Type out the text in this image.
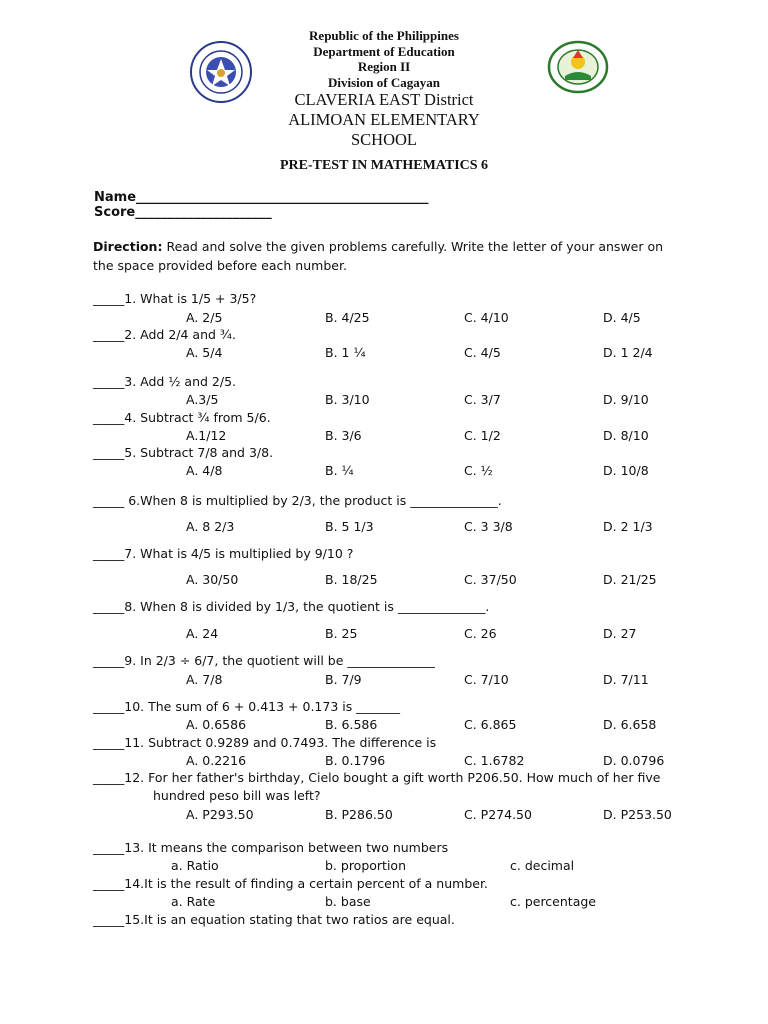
Republic of the Philippines
Department of Education
Region II
Division of Cagayan
CLAVERIA EAST District
ALIMOAN ELEMENTARY
SCHOOL
PRE-TEST IN MATHEMATICS 6
Name_____________________________________________
Score_____________________
Direction: Read and solve the given problems carefully. Write the letter of your answer on the space provided before each number.
_____1. What is 1/5 + 3/5?
A. 2/5	B. 4/25	C. 4/10	D. 4/5
_____2. Add 2/4 and ¾.
A. 5/4	B. 1 ¼	C. 4/5	D. 1 2/4
_____3. Add ½ and 2/5.
A.3/5	B. 3/10	C. 3/7	D. 9/10
_____4. Subtract ¾ from 5/6.
A.1/12	B. 3/6	C. 1/2	D. 8/10
_____5. Subtract 7/8 and 3/8.
A. 4/8	B. ¼	C. ½	D. 10/8
_____ 6.When 8 is multiplied by 2/3, the product is ______________.
A. 8 2/3	B. 5 1/3	C. 3 3/8	D. 2 1/3
_____7. What is 4/5 is multiplied by 9/10 ?
A. 30/50	B. 18/25	C. 37/50	D. 21/25
_____8. When 8 is divided by 1/3, the quotient is ______________.
A. 24	B. 25	C. 26	D. 27
_____9. In 2/3 ÷ 6/7, the quotient will be ______________
A. 7/8	B. 7/9	C. 7/10	D. 7/11
_____10. The sum of 6 + 0.413 + 0.173 is _______
A. 0.6586	B. 6.586	C. 6.865	D. 6.658
_____11. Subtract 0.9289 and 0.7493. The difference is
A. 0.2216	B. 0.1796	C. 1.6782	D. 0.0796
_____12. For her father's birthday, Cielo bought a gift worth P206.50. How much of her five
hundred peso bill was left?
A. P293.50	B. P286.50	C. P274.50	D. P253.50
_____13. It means the comparison between two numbers
a. Ratio	b. proportion	c. decimal
_____14.It is the result of finding a certain percent of a number.
a. Rate	b. base	c. percentage
_____15.It is an equation stating that two ratios are equal.
